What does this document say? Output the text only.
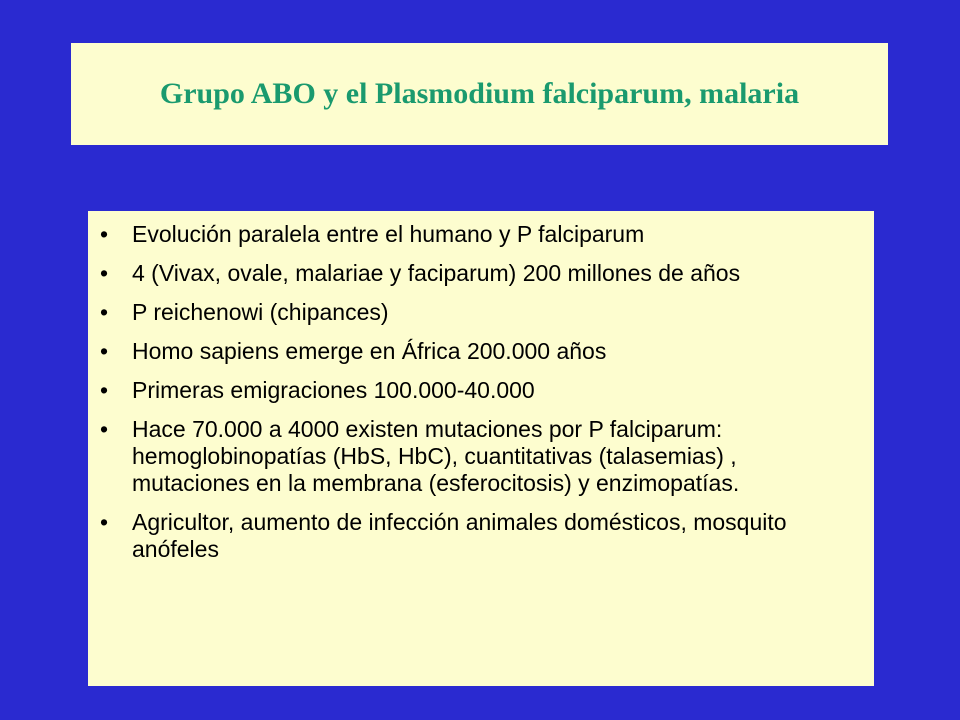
Grupo ABO y el Plasmodium falciparum, malaria
• Evolución paralela entre el humano y P falciparum
• 4 (Vivax, ovale, malariae y faciparum) 200 millones de años
• P reichenowi (chipances)
• Homo sapiens emerge en África 200.000 años
• Primeras emigraciones 100.000-40.000
• Hace 70.000 a 4000 existen mutaciones por P falciparum: hemoglobinopatías (HbS, HbC), cuantitativas (talasemias) , mutaciones en la membrana (esferocitosis) y enzimopatías.
• Agricultor, aumento de infección animales domésticos, mosquito anófeles
